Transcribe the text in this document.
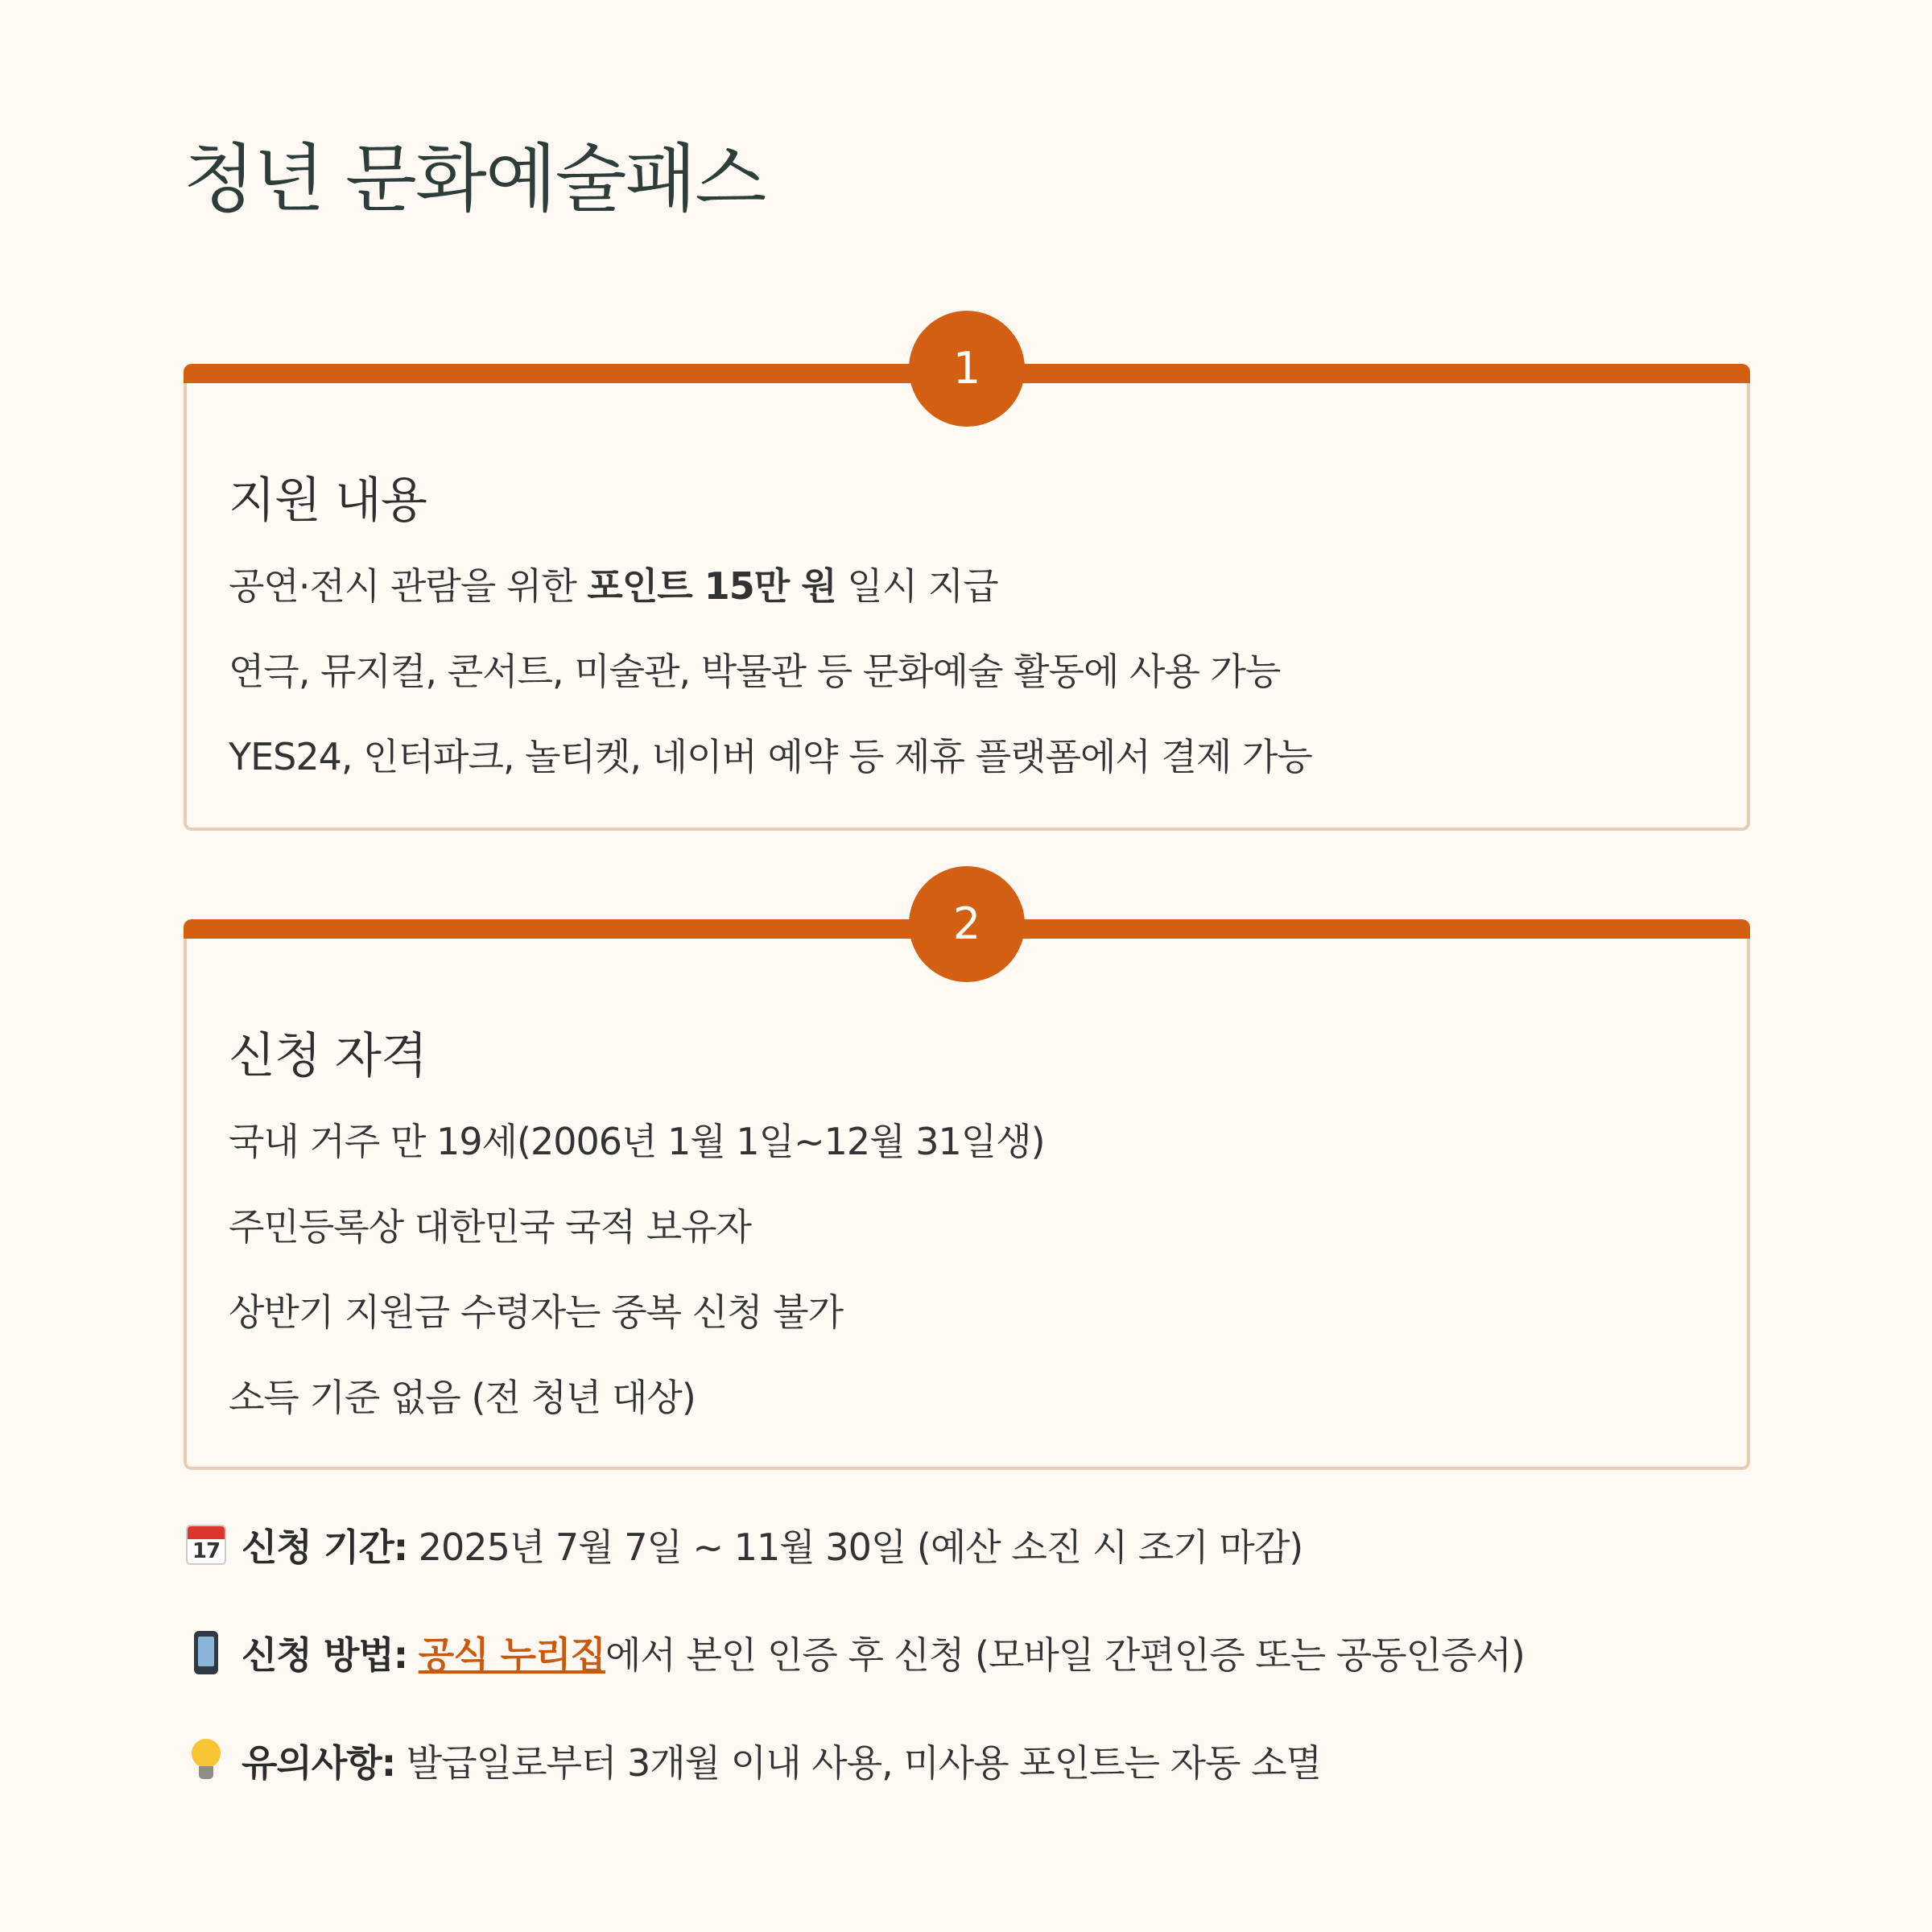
청년 문화예술패스
1
지원 내용
공연·전시 관람을 위한 포인트 15만 원 일시 지급
연극, 뮤지컬, 콘서트, 미술관, 박물관 등 문화예술 활동에 사용 가능
YES24, 인터파크, 놀티켓, 네이버 예약 등 제휴 플랫폼에서 결제 가능
2
신청 자격
국내 거주 만 19세(2006년 1월 1일~12월 31일생)
주민등록상 대한민국 국적 보유자
상반기 지원금 수령자는 중복 신청 불가
소득 기준 없음 (전 청년 대상)
17 신청 기간: 2025년 7월 7일 ~ 11월 30일 (예산 소진 시 조기 마감)
신청 방법: 공식 누리집에서 본인 인증 후 신청 (모바일 간편인증 또는 공동인증서)
유의사항: 발급일로부터 3개월 이내 사용, 미사용 포인트는 자동 소멸
